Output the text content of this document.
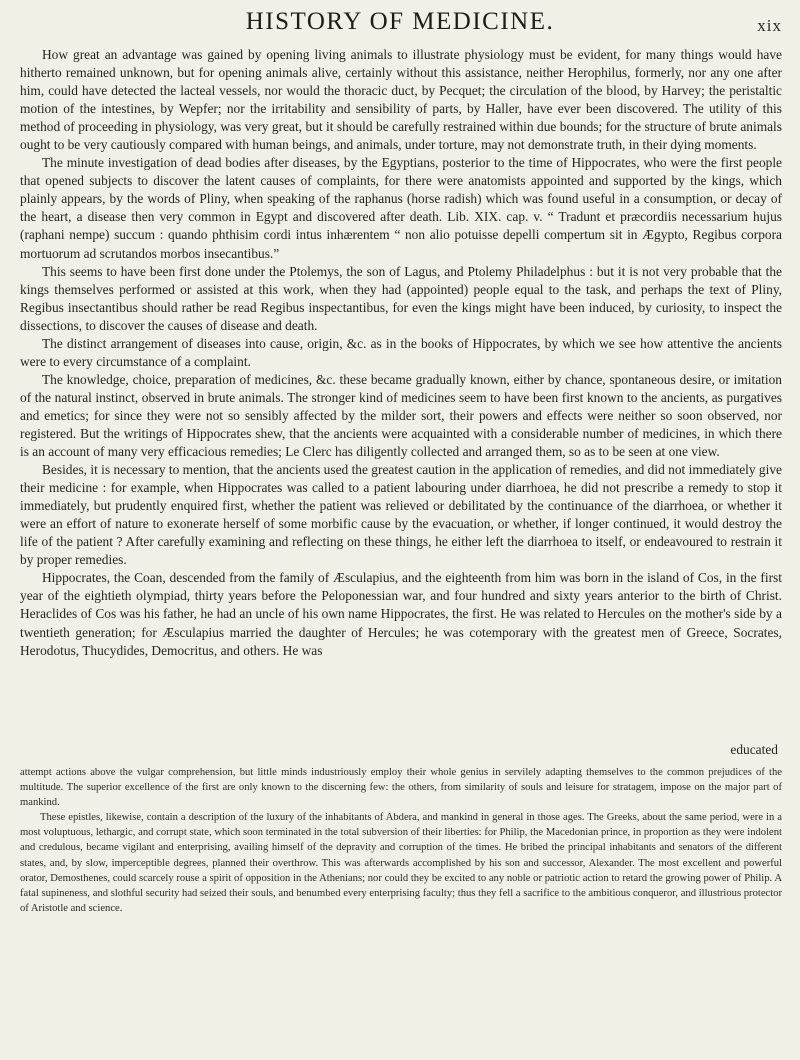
HISTORY OF MEDICINE.	xix

How great an advantage was gained by opening living animals to illustrate physiology must be evident, for many things would have hitherto remained unknown, but for opening animals alive, certainly without this assistance, neither Herophilus, formerly, nor any one after him, could have detected the lacteal vessels, nor would the thoracic duct, by Pecquet; the circulation of the blood, by Harvey; the peristaltic motion of the intestines, by Wepfer; nor the irritability and sensibility of parts, by Haller, have ever been discovered. The utility of this method of proceeding in physiology, was very great, but it should be carefully restrained within due bounds; for the structure of brute animals ought to be very cautiously compared with human beings, and animals, under torture, may not demonstrate truth, in their dying moments.

The minute investigation of dead bodies after diseases, by the Egyptians, posterior to the time of Hippocrates, who were the first people that opened subjects to discover the latent causes of complaints, for there were anatomists appointed and supported by the kings, which plainly appears, by the words of Pliny, when speaking of the raphanus (horse radish) which was found useful in a consumption, or decay of the heart, a disease then very common in Egypt and discovered after death. Lib. XIX. cap. v. “ Tradunt et præcordiis necessarium hujus (raphani nempe) succum : quando phthisim cordi intus inhærentem “ non alio potuisse depelli compertum sit in Ægypto, Regibus corpora mortuorum ad scrutandos morbos insecantibus.”

This seems to have been first done under the Ptolemys, the son of Lagus, and Ptolemy Philadelphus : but it is not very probable that the kings themselves performed or assisted at this work, when they had (appointed) people equal to the task, and perhaps the text of Pliny, Regibus insectantibus should rather be read Regibus inspectantibus, for even the kings might have been induced, by curiosity, to inspect the dissections, to discover the causes of disease and death.

The distinct arrangement of diseases into cause, origin, &c. as in the books of Hippocrates, by which we see how attentive the ancients were to every circumstance of a complaint.

The knowledge, choice, preparation of medicines, &c. these became gradually known, either by chance, spontaneous desire, or imitation of the natural instinct, observed in brute animals. The stronger kind of medicines seem to have been first known to the ancients, as purgatives and emetics; for since they were not so sensibly affected by the milder sort, their powers and effects were neither so soon observed, nor registered. But the writings of Hippocrates shew, that the ancients were acquainted with a considerable number of medicines, in which there is an account of many very efficacious remedies; Le Clerc has diligently collected and arranged them, so as to be seen at one view.

Besides, it is necessary to mention, that the ancients used the greatest caution in the application of remedies, and did not immediately give their medicine : for example, when Hippocrates was called to a patient labouring under diarrhoea, he did not prescribe a remedy to stop it immediately, but prudently enquired first, whether the patient was relieved or debilitated by the continuance of the diarrhoea, or whether it were an effort of nature to exonerate herself of some morbific cause by the evacuation, or whether, if longer continued, it would destroy the life of the patient ? After carefully examining and reflecting on these things, he either left the diarrhoea to itself, or endeavoured to restrain it by proper remedies.

Hippocrates, the Coan, descended from the family of Æsculapius, and the eighteenth from him was born in the island of Cos, in the first year of the eightieth olympiad, thirty years before the Peloponessian war, and four hundred and sixty years anterior to the birth of Christ. Heraclides of Cos was his father, he had an uncle of his own name Hippocrates, the first. He was related to Hercules on the mother's side by a twentieth generation; for Æsculapius married the daughter of Hercules; he was cotemporary with the greatest men of Greece, Socrates, Herodotus, Thucydides, Democritus, and others. He was

educated

attempt actions above the vulgar comprehension, but little minds industriously employ their whole genius in servilely adapting themselves to the common prejudices of the multitude. The superior excellence of the first are only known to the discerning few: the others, from similarity of souls and leisure for stratagem, impose on the major part of mankind.

These epistles, likewise, contain a description of the luxury of the inhabitants of Abdera, and mankind in general in those ages. The Greeks, about the same period, were in a most voluptuous, lethargic, and corrupt state, which soon terminated in the total subversion of their liberties: for Philip, the Macedonian prince, in proportion as they were indolent and credulous, became vigilant and enterprising, availing himself of the depravity and corruption of the times. He bribed the principal inhabitants and senators of the different states, and, by slow, imperceptible degrees, planned their overthrow. This was afterwards accomplished by his son and successor, Alexander. The most excellent and powerful orator, Demosthenes, could scarcely rouse a spirit of opposition in the Athenians; nor could they be excited to any noble or patriotic action to retard the growing power of Philip. A fatal supineness, and slothful security had seized their souls, and benumbed every enterprising faculty; thus they fell a sacrifice to the ambitious conqueror, and illustrious protector of Aristotle and science.
